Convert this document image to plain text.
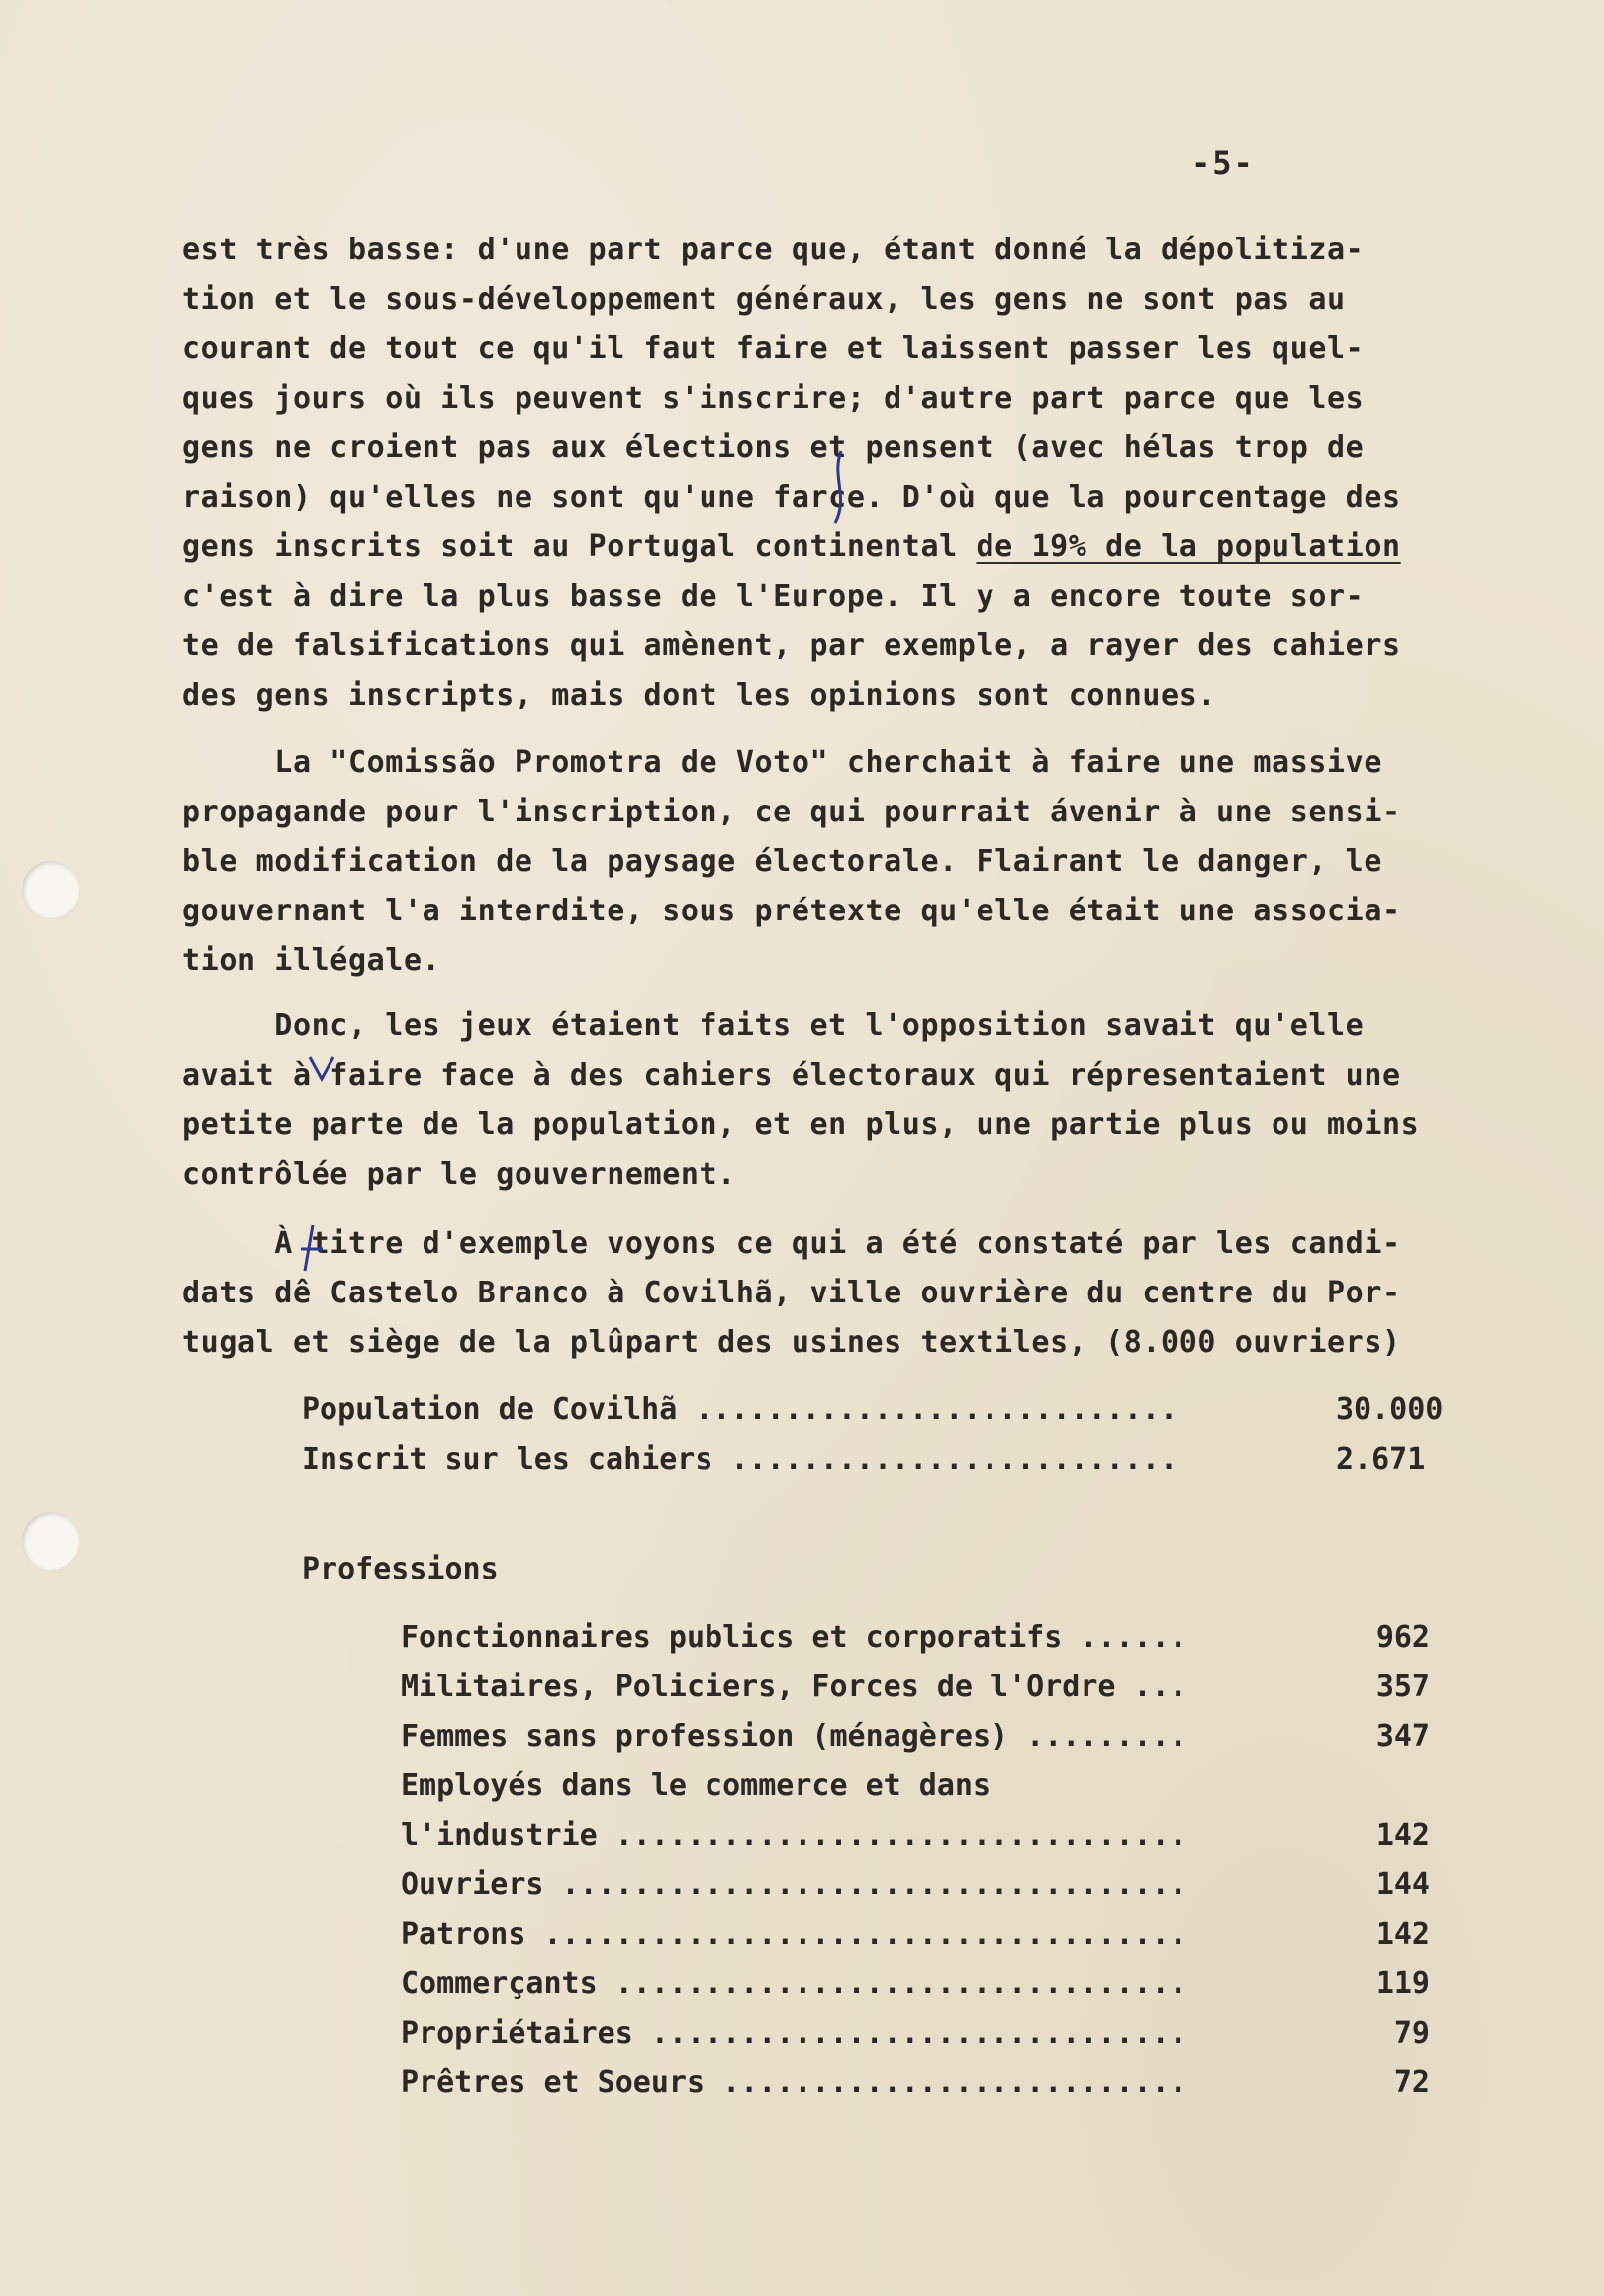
-5-
est très basse: d'une part parce que, étant donné la dépolitiza-
tion et le sous-développement généraux, les gens ne sont pas au
courant de tout ce qu'il faut faire et laissent passer les quel-
ques jours où ils peuvent s'inscrire; d'autre part parce que les
gens ne croient pas aux élections et pensent (avec hélas trop de
raison) qu'elles ne sont qu'une farce. D'où que la pourcentage des
gens inscrits soit au Portugal continental de 19% de la population
c'est à dire la plus basse de l'Europe. Il y a encore toute sor-
te de falsifications qui amènent, par exemple, a rayer des cahiers
des gens inscripts, mais dont les opinions sont connues.
La "Comissão Promotra de Voto" cherchait à faire une massive
propagande pour l'inscription, ce qui pourrait ávenir à une sensi-
ble modification de la paysage électorale. Flairant le danger, le
gouvernant l'a interdite, sous prétexte qu'elle était une associa-
tion illégale.
Donc, les jeux étaient faits et l'opposition savait qu'elle
avait à faire face à des cahiers électoraux qui répresentaient une
petite parte de la population, et en plus, une partie plus ou moins
contrôlée par le gouvernement.
À titre d'exemple voyons ce qui a été constaté par les candi-
dats dê Castelo Branco à Covilhã, ville ouvrière du centre du Por-
tugal et siège de la plûpart des usines textiles, (8.000 ouvriers)
Population de Covilhã ...........................	30.000
Inscrit sur les cahiers .........................	2.671
Professions
Fonctionnaires publics et corporatifs ......	962
Militaires, Policiers, Forces de l'Ordre ...	357
Femmes sans profession (ménagères) .........	347
Employés dans le commerce et dans
l'industrie ................................	142
Ouvriers ...................................	144
Patrons ....................................	142
Commerçants ................................	119
Propriétaires ..............................	79
Prêtres et Soeurs ..........................	72
